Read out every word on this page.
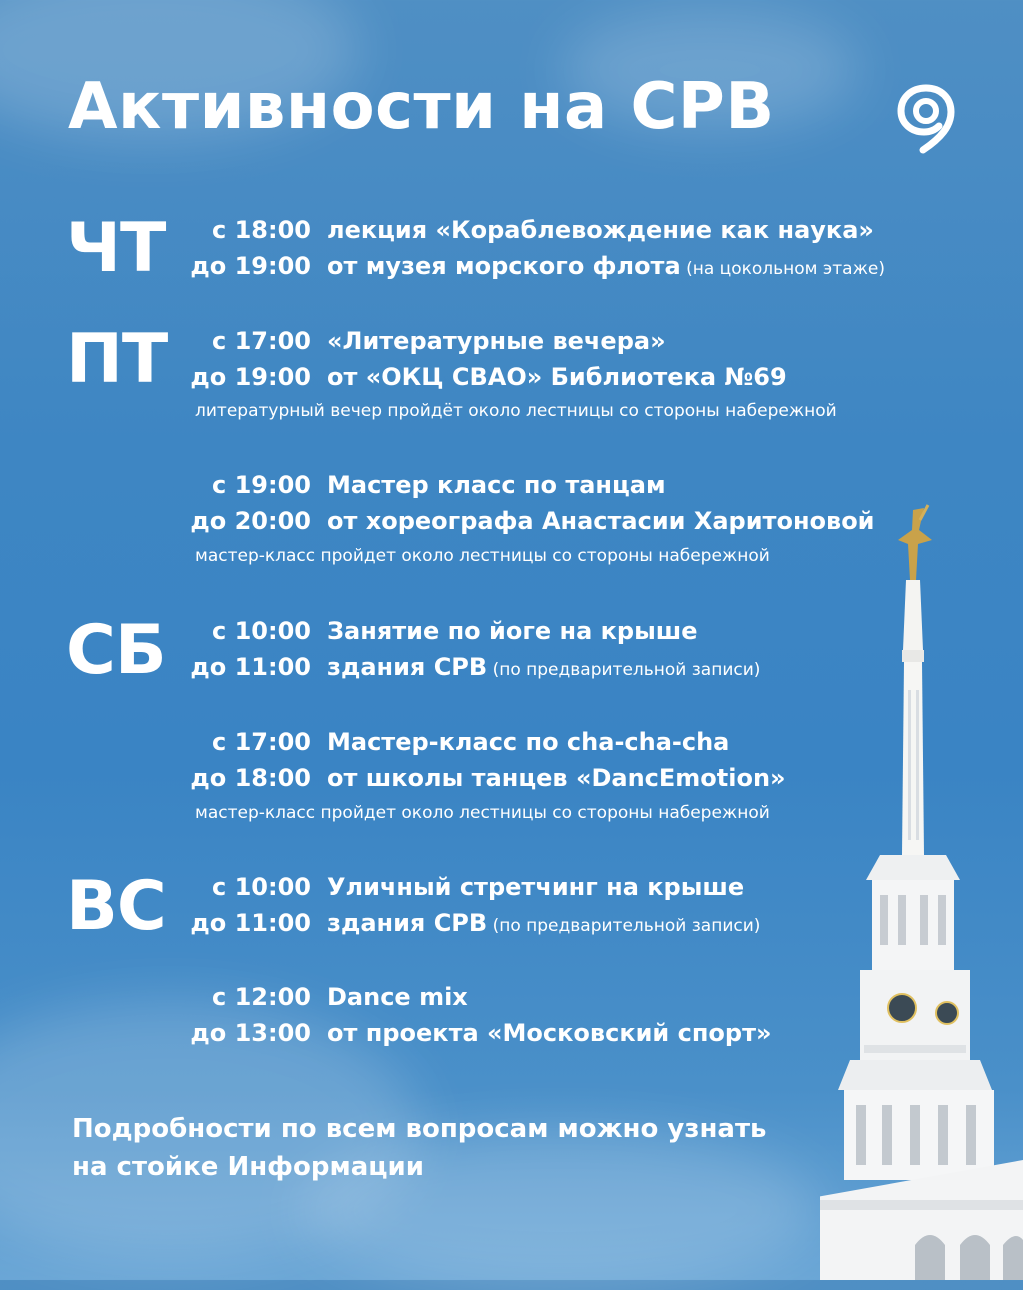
Активности на СРВ
ЧТ
ПТ
СБ
ВС
с 18:00 лекция «Кораблевождение как наука»
до 19:00 от музея морского флота (на цокольном этаже)
с 17:00 «Литературные вечера»
до 19:00 от «ОКЦ СВАО» Библиотека №69
литературный вечер пройдёт около лестницы со стороны набережной
с 19:00 Мастер класс по танцам
до 20:00 от хореографа Анастасии Харитоновой
мастер-класс пройдет около лестницы со стороны набережной
с 10:00 Занятие по йоге на крыше
до 11:00 здания СРВ (по предварительной записи)
с 17:00 Мастер-класс по cha-cha-cha
до 18:00 от школы танцев «DancEmotion»
мастер-класс пройдет около лестницы со стороны набережной
с 10:00 Уличный стретчинг на крыше
до 11:00 здания СРВ (по предварительной записи)
с 12:00 Dance mix
до 13:00 от проекта «Московский спорт»
Подробности по всем вопросам можно узнать
на стойке Информации
